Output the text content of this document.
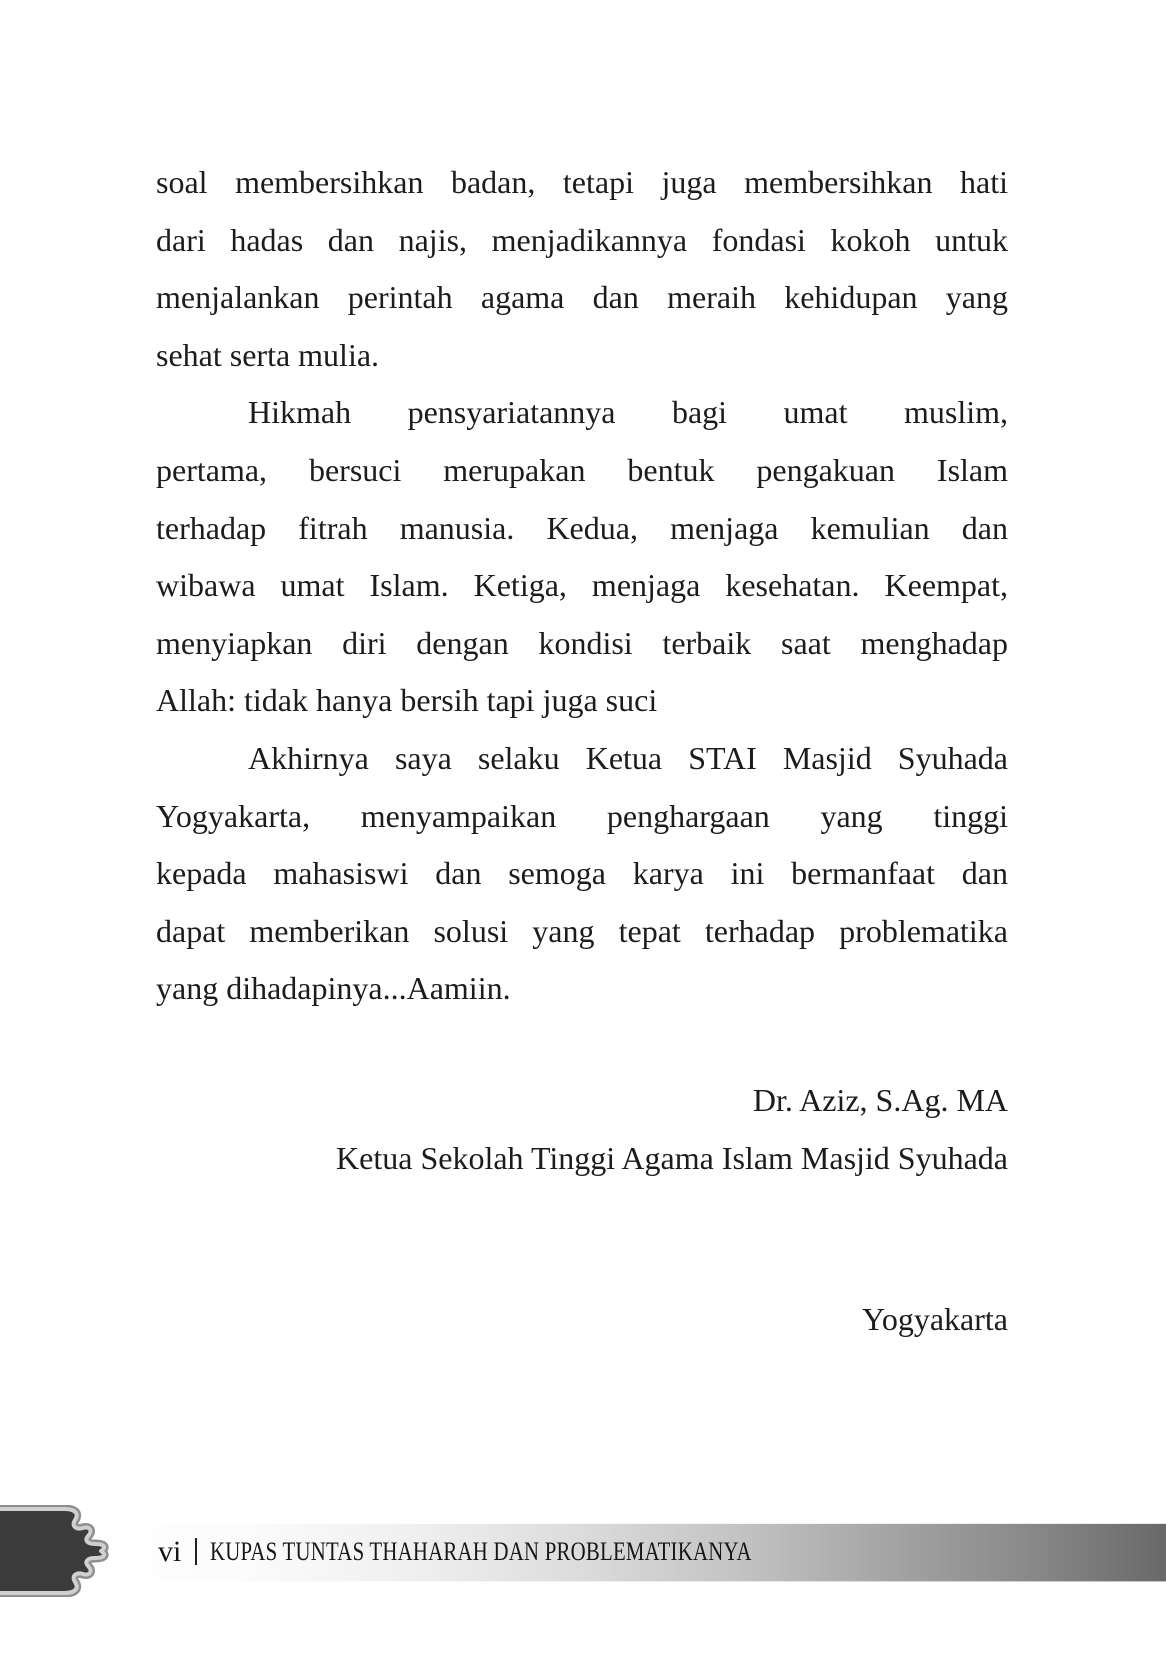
soal membersihkan badan, tetapi juga membersihkan hati
dari hadas dan najis, menjadikannya fondasi kokoh untuk
menjalankan perintah agama dan meraih kehidupan yang
sehat serta mulia.
Hikmah pensyariatannya bagi umat muslim,
pertama, bersuci merupakan bentuk pengakuan Islam
terhadap fitrah manusia. Kedua, menjaga kemulian dan
wibawa umat Islam. Ketiga, menjaga kesehatan. Keempat,
menyiapkan diri dengan kondisi terbaik saat menghadap
Allah: tidak hanya bersih tapi juga suci
Akhirnya saya selaku Ketua STAI Masjid Syuhada
Yogyakarta, menyampaikan penghargaan yang tinggi
kepada mahasiswi dan semoga karya ini bermanfaat dan
dapat memberikan solusi yang tepat terhadap problematika
yang dihadapinya...Aamiin.
Dr. Aziz, S.Ag. MA
Ketua Sekolah Tinggi Agama Islam Masjid Syuhada
Yogyakarta
vi KUPAS TUNTAS THAHARAH DAN PROBLEMATIKANYA
